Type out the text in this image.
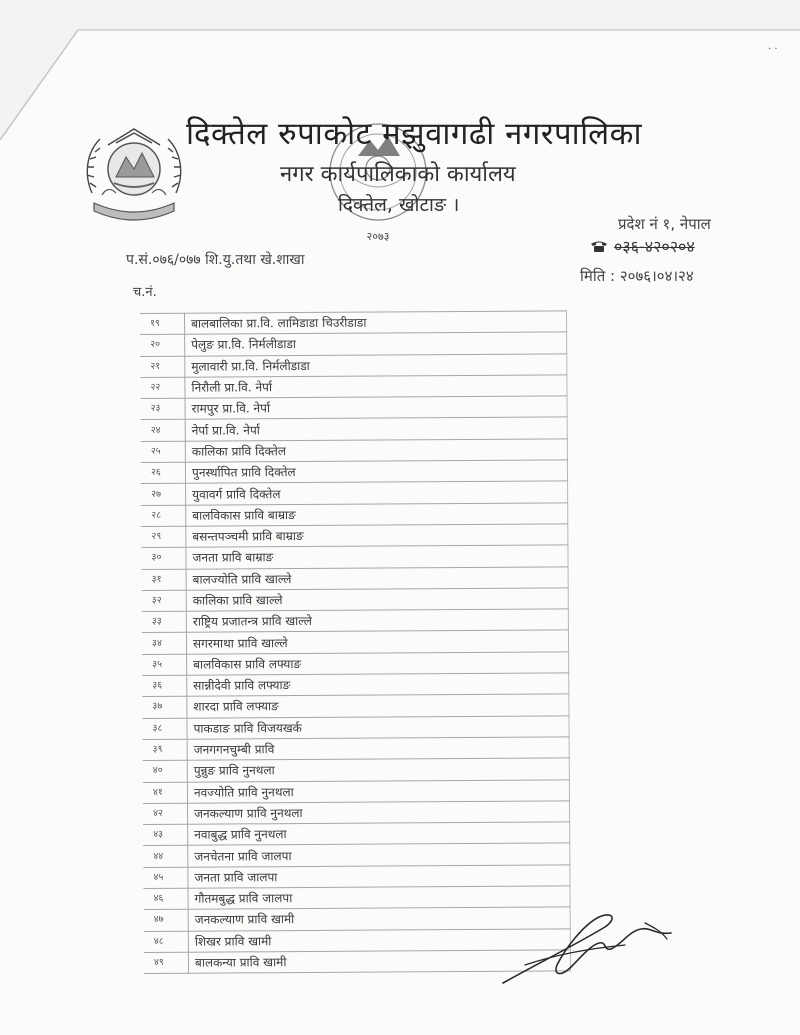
· ·
२०७३
दिक्तेल रुपाकोट मझुवागढी नगरपालिका
नगर कार्यपालिकाको कार्यालय
दिक्तेल, खोटाङ ।
प्रदेश नं १, नेपाल
०३६-४२०२०४
प.सं.०७६/०७७ शि.यु.तथा खे.शाखा
मिति : २०७६।०४।२४
च.नं.
१९	बालबालिका प्रा.वि. लामिडाडा चिउरीडाडा
२०	पेलुङ प्रा.वि. निर्मलीडाडा
२१	मुलावारी प्रा.वि. निर्मलीडाडा
२२	निरौली प्रा.वि. नेर्पा
२३	रामपुर प्रा.वि. नेर्पा
२४	नेर्पा प्रा.वि. नेर्पा
२५	कालिका प्रावि दिक्तेल
२६	पुनर्स्थापित प्रावि दिक्तेल
२७	युवावर्ग प्रावि दिक्तेल
२८	बालविकास प्रावि बाम्राङ
२९	बसन्तपञ्चमी प्रावि बाम्राङ
३०	जनता प्रावि बाम्राङ
३१	बालज्योति प्रावि खाल्ले
३२	कालिका प्रावि खाल्ले
३३	राष्ट्रिय प्रजातन्त्र प्रावि खाल्ले
३४	सगरमाथा प्रावि खाल्ले
३५	बालविकास प्रावि लफ्याङ
३६	सान्नीदेवी प्रावि लफ्याङ
३७	शारदा प्रावि लफ्याङ
३८	पाकडाङ प्रावि विजयखर्क
३९	जनगगनचुम्बी प्रावि
४०	पुन्नुङ प्रावि नुनथला
४१	नवज्योति प्रावि नुनथला
४२	जनकल्याण प्रावि नुनथला
४३	नवाबुद्ध प्रावि नुनथला
४४	जनचेतना प्रावि जालपा
४५	जनता प्रावि जालपा
४६	गौतमबुद्ध प्रावि जालपा
४७	जनकल्याण प्रावि खामी
४८	शिखर प्रावि खामी
४९	बालकन्या प्रावि खामी
